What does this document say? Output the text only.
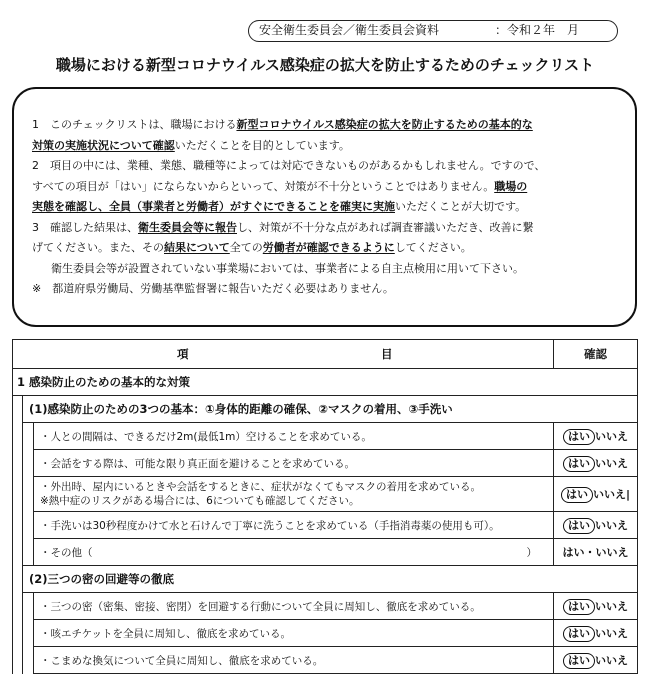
安全衛生委員会／衛生委員会資料	：令和２年　月
職場における新型コロナウイルス感染症の拡大を防止するためのチェックリスト

1　このチェックリストは、職場における新型コロナウイルス感染症の拡大を防止するための基本的な

対策の実施状況について確認いただくことを目的としています。

2　項目の中には、業種、業態、職種等によっては対応できないものがあるかもしれません。ですので、

すべての項目が「はい」にならないからといって、対策が不十分ということではありません。職場の

実態を確認し、全員（事業者と労働者）がすぐにできることを確実に実施いただくことが大切です。

3　確認した結果は、衛生委員会等に報告し、対策が不十分な点があれば調査審議いただき、改善に繋

げてください。また、その結果について全ての労働者が確認できるようにしてください。

衛生委員会等が設置されていない事業場においては、事業者による自主点検用に用いて下さい。

※　都道府県労働局、労働基準監督署に報告いただく必要はありません。

項 目			確認
1 感染防止のための基本的な対策			
	(1)感染防止のための3つの基本：①身体的距離の確保、②マスクの着用、③手洗い		
		・人との間隔は、できるだけ2m(最低1m）空けることを求めている。	はい いいえ
		・会話をする際は、可能な限り真正面を避けることを求めている。	はい いいえ
		・外出時、屋内にいるときや会話をするときに、症状がなくてもマスクの着用を求めている。
※熱中症のリスクがある場合には、6についても確認してください。	はい いいえ|
		・手洗いは30秒程度かけて水と石けんで丁寧に洗うことを求めている（手指消毒薬の使用も可）。	はい いいえ
		・その他（ ）	はい・いいえ
	(2)三つの密の回避等の徹底		
		・三つの密（密集、密接、密閉）を回避する行動について全員に周知し、徹底を求めている。	はい いいえ
		・咳エチケットを全員に周知し、徹底を求めている。	はい いいえ
		・こまめな換気について全員に周知し、徹底を求めている。	はい いいえ
